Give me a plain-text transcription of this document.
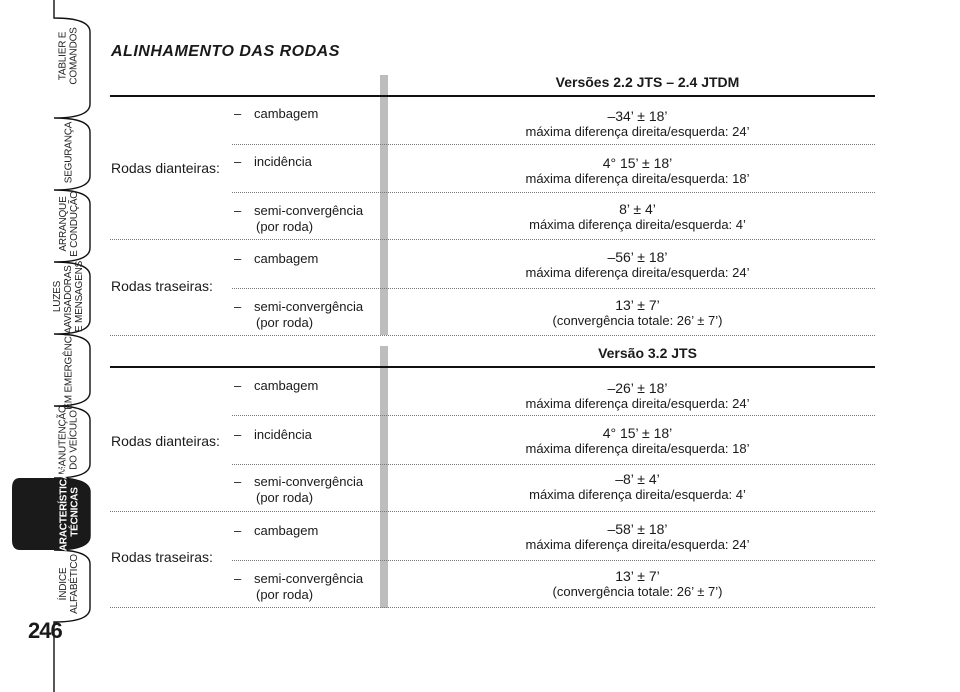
TABLIER E
COMANDOS
SEGURANÇA
ARRANQUE
E CONDUÇÃO
LUZES
AVISADORAS
E MENSAGENS
EM EMERGÊNCIA
MANUTENÇÃO
DO VEÍCULO
CARACTERÍSTICAS
TÉCNICAS
ÍNDICE
ALFABÉTICO
246
ALINHAMENTO DAS RODAS
Versões 2.2 JTS – 2.4 JTDM
Rodas dianteiras:
Rodas traseiras:
– cambagem
– incidência
– semi-convergência
(por roda)
– cambagem
– semi-convergência
(por roda)
–34’ ± 18’
máxima diferença direita/esquerda: 24’
4° 15’ ± 18’
máxima diferença direita/esquerda: 18’
8’ ± 4’
máxima diferença direita/esquerda: 4’
–56’ ± 18’
máxima diferença direita/esquerda: 24’
13’ ± 7’
(convergência totale: 26’ ± 7’)
Versão 3.2 JTS
Rodas dianteiras:
Rodas traseiras:
– cambagem
– incidência
– semi-convergência
(por roda)
– cambagem
– semi-convergência
(por roda)
–26’ ± 18’
máxima diferença direita/esquerda: 24’
4° 15’ ± 18’
máxima diferença direita/esquerda: 18’
–8’ ± 4’
máxima diferença direita/esquerda: 4’
–58’ ± 18’
máxima diferença direita/esquerda: 24’
13’ ± 7’
(convergência totale: 26’ ± 7’)
